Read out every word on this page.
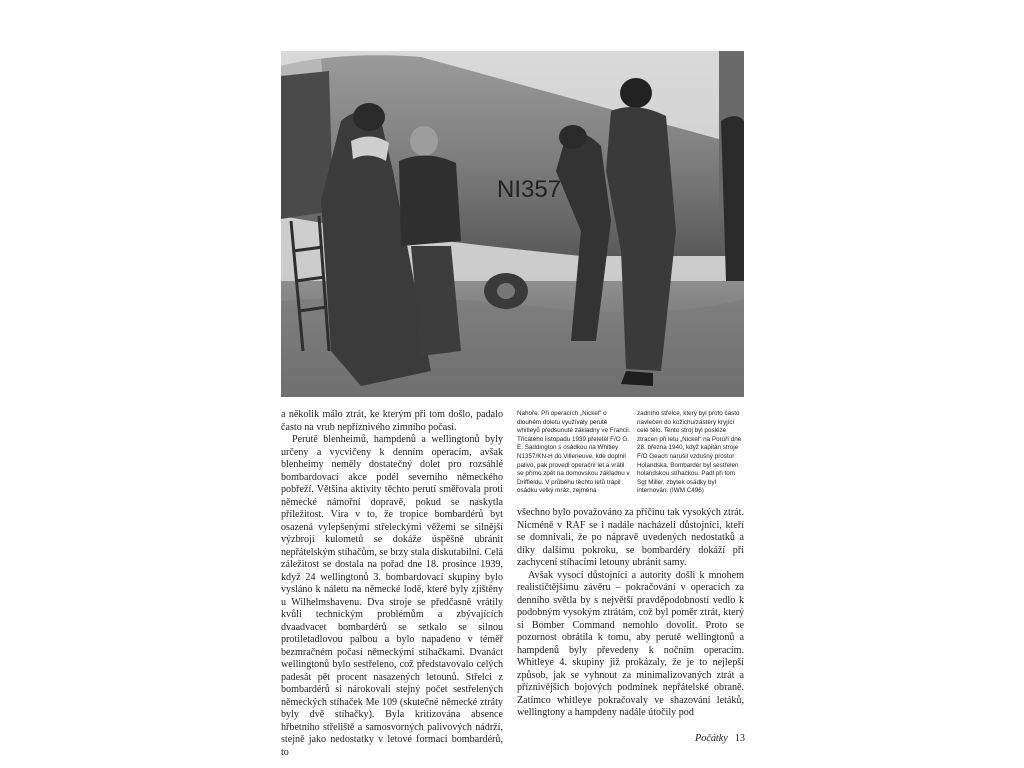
NI357

a několik málo ztrát, ke kterým při tom došlo, padalo často na vrub nepříznivého zimního počasí.

Perutě blenheimů, hampdenů a wellingtonů byly určeny a vycvičeny k denním operacím, avšak blenheimy neměly dostatečný dolet pro rozsáhlé bombardovací akce podél severního německého pobřeží. Většina aktivity těchto perutí směřovala proti německé námořní dopravě, pokud se naskytla příležitost. Víra v to, že tropice bombardérů byt osazená vylepšenými střeleckými věžemi se silnější výzbrojí kulometů se dokáže úspěšně ubránit nepřátelským stíhačům, se brzy stala diskutabilní. Celá záležitost se dostala na pořad dne 18. prosince 1939, když 24 wellingtonů 3. bombardovací skupiny bylo vysláno k náletu na německé lodě, které byly zjištěny u Wilhelmshavenu. Dva stroje se předčasně vrátily kvůli technickým problémům a zbývajících dvaadvacet bombardérů se setkalo se silnou protiletadlovou palbou a bylo napadeno v téměř bezmračném počasí německými stíhačkami. Dvanáct wellingtonů bylo sestřeleno, což představovalo celých padesát pět procent nasazených letounů. Střelci z bombardérů si nárokovali stejný počet sestřelených německých stíhaček Me 109 (skutečné německé ztráty byly dvě stíhačky). Byla kritizována absence hřbetního střeliště a samosvorných palivových nádrží, stejně jako nedostatky v letové formaci bombardérů, to

Nahoře. Při operacích „Nickel“ o dlouhém doletu využívaly perutě whitleyů předsunuté základny ve Francii. Třicátého listopadu 1939 přeletěl F/O G. E. Saddington s osádkou na Whitley N1357/KN-H do Villeneuve, kde doplnil palivo, pak provedl operační let a vrátil se přímo zpět na domovskou základnu v Driffieldu. V průběhu těchto letů trápil osádku velký mráz, zejména
zadního střelce, který byl proto často navlečen do kožichu/zástěry kryjící celé tělo. Tento stroj byl posléze ztracen při letu „Nickel“ na Porúří dne 28. března 1940, když kapitán stroje F/O Geach narušil vzdušný prostor Holandska. Bombardér byl sestřelen holandskou stíhačkou. Padl při tom Sgt Miller, zbytek osádky byl internován. (IWM C496)

všechno bylo považováno za příčinu tak vysokých ztrát. Nicméně v RAF se i nadále nacházeli důstojníci, kteří se domnívali, že po nápravě uvedených nedostatků a díky dalšímu pokroku, se bombardéry dokáží při zachycení stíhacími letouny ubránit samy.

Avšak vysocí důstojníci a autority došli k mnohem realističtějšímu závěru – pokračování v operacích za denního světla by s největší pravděpodobností vedlo k podobným vysokým ztrátám, což byl poměr ztrát, který si Bomber Command nemohlo dovolit. Proto se pozornost obrátila k tomu, aby perutě wellingtonů a hampdenů byly převedeny k nočním operacím. Whitleye 4. skupiny již prokázaly, že je to nejlepší způsob, jak se vyhnout za minimalizovaných ztrát a příznivějších bojových podmínek nepřátelské obraně. Zatímco whitleye pokračovaly ve shazování letáků, wellingtony a hampdeny nadále útočily pod

Počátky 13
